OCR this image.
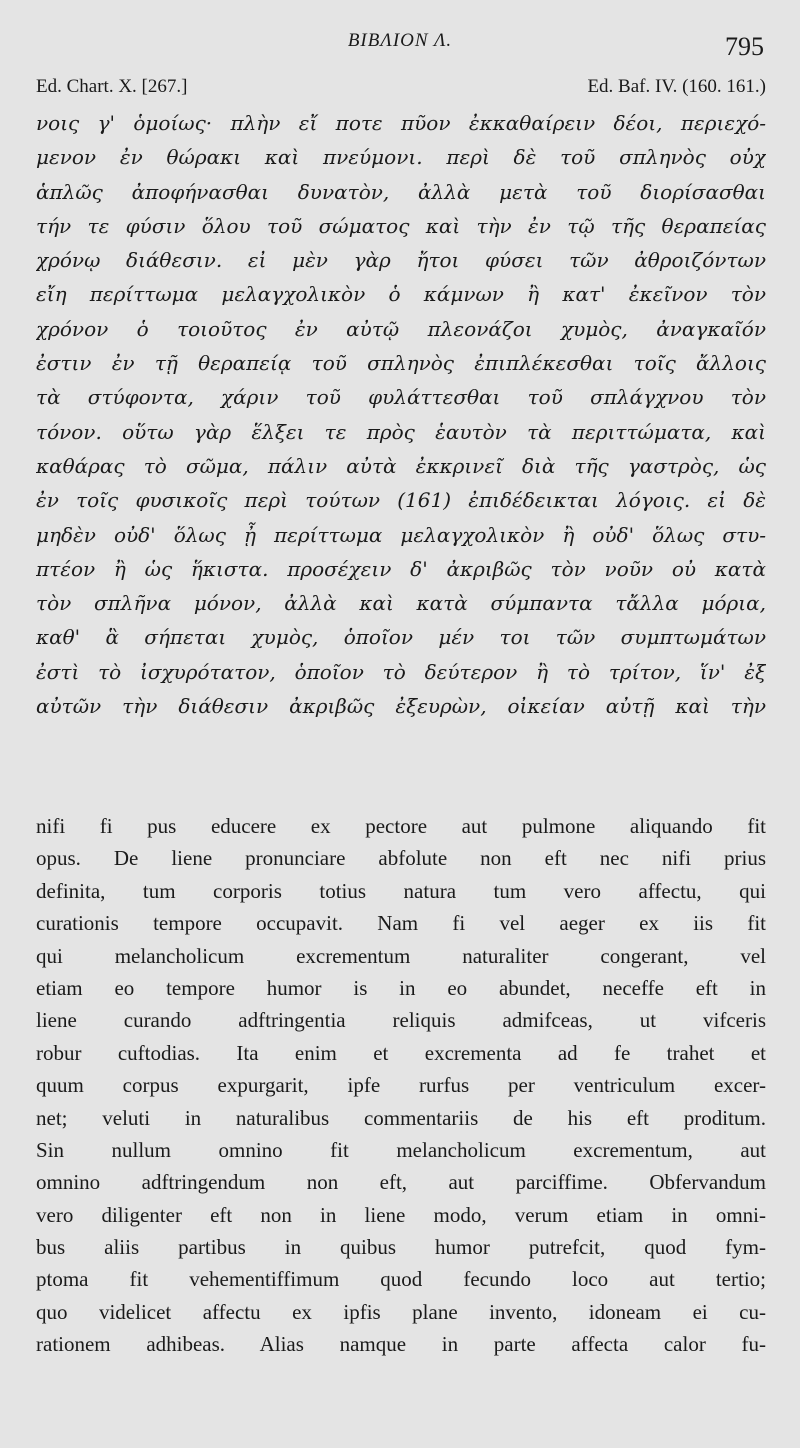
ΒΙΒΛΙΟΝ Λ.	795
Ed. Chart. X. [267.]	Ed. Baf. IV. (160. 161.)
νοις γ' ὁμοίως· πλὴν εἴ ποτε πῦον ἐκκαθαίρειν δέοι, περιεχό-
μενον ἐν θώρακι καὶ πνεύμονι. περὶ δὲ τοῦ σπληνὸς οὐχ
ἁπλῶς ἀποφήνασθαι δυνατὸν, ἀλλὰ μετὰ τοῦ διορίσασθαι
τήν τε φύσιν ὅλου τοῦ σώματος καὶ τὴν ἐν τῷ τῆς θεραπείας
χρόνῳ διάθεσιν. εἰ μὲν γὰρ ἤτοι φύσει τῶν ἀθροιζόντων
εἴη περίττωμα μελαγχολικὸν ὁ κάμνων ἢ κατ' ἐκεῖνον τὸν
χρόνον ὁ τοιοῦτος ἐν αὐτῷ πλεονάζοι χυμὸς, ἀναγκαῖόν
ἐστιν ἐν τῇ θεραπείᾳ τοῦ σπληνὸς ἐπιπλέκεσθαι τοῖς ἄλλοις
τὰ στύφοντα, χάριν τοῦ φυλάττεσθαι τοῦ σπλάγχνου τὸν
τόνον. οὕτω γὰρ ἕλξει τε πρὸς ἑαυτὸν τὰ περιττώματα, καὶ
καθάρας τὸ σῶμα, πάλιν αὐτὰ ἐκκρινεῖ διὰ τῆς γαστρὸς, ὡς
ἐν τοῖς φυσικοῖς περὶ τούτων (161) ἐπιδέδεικται λόγοις. εἰ δὲ
μηδὲν οὐδ' ὅλως ᾖ περίττωμα μελαγχολικὸν ἢ οὐδ' ὅλως στυ-
πτέον ἢ ὡς ἥκιστα. προσέχειν δ' ἀκριβῶς τὸν νοῦν οὐ κατὰ
τὸν σπλῆνα μόνον, ἀλλὰ καὶ κατὰ σύμπαντα τἄλλα μόρια,
καθ' ἃ σήπεται χυμὸς, ὁποῖον μέν τοι τῶν συμπτωμάτων
ἐστὶ τὸ ἰσχυρότατον, ὁποῖον τὸ δεύτερον ἢ τὸ τρίτον, ἵν' ἐξ
αὐτῶν τὴν διάθεσιν ἀκριβῶς ἐξευρὼν, οἰκείαν αὐτῇ καὶ τὴν
nifi fi pus educere ex pectore aut pulmone aliquando fit
opus. De liene pronunciare abfolute non eft nec nifi prius
definita, tum corporis totius natura tum vero affectu, qui
curationis tempore occupavit. Nam fi vel aeger ex iis fit
qui melancholicum excrementum naturaliter congerant, vel
etiam eo tempore humor is in eo abundet, neceffe eft in
liene curando adftringentia reliquis admifceas, ut vifceris
robur cuftodias. Ita enim et excrementa ad fe trahet et
quum corpus expurgarit, ipfe rurfus per ventriculum excer-
net; veluti in naturalibus commentariis de his eft proditum.
Sin nullum omnino fit melancholicum excrementum, aut
omnino adftringendum non eft, aut parciffime. Obfervandum
vero diligenter eft non in liene modo, verum etiam in omni-
bus aliis partibus in quibus humor putrefcit, quod fym-
ptoma fit vehementiffimum quod fecundo loco aut tertio;
quo videlicet affectu ex ipfis plane invento, idoneam ei cu-
rationem adhibeas. Alias namque in parte affecta calor fu-
